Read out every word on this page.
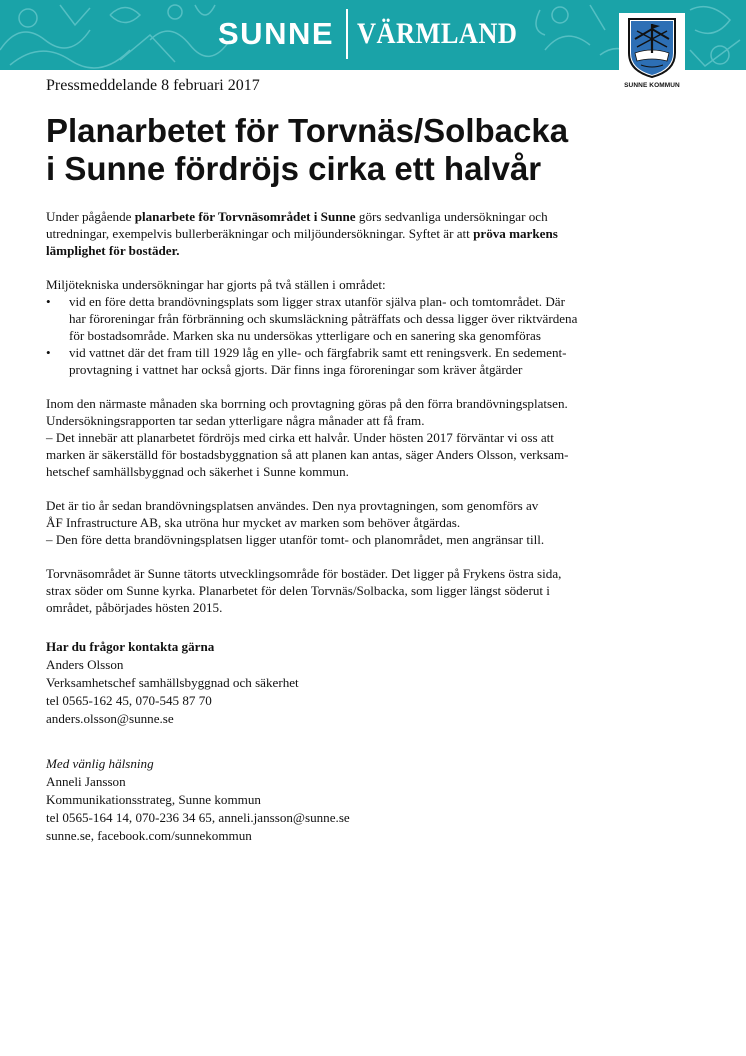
SUNNE VÄRMLAND
SUNNE KOMMUN
Pressmeddelande 8 februari 2017
Planarbetet för Torvnäs/Solbacka
i Sunne fördröjs cirka ett halvår

Under pågående planarbete för Torvnäsområdet i Sunne görs sedvanliga undersökningar och
utredningar, exempelvis bullerberäkningar och miljöundersökningar. Syftet är att pröva markens
lämplighet för bostäder.

Miljötekniska undersökningar har gjorts på två ställen i området:

• vid en före detta brandövningsplats som ligger strax utanför själva plan- och tomtområdet. Där
har föroreningar från förbränning och skumsläckning påträffats och dessa ligger över riktvärdena
för bostadsområde. Marken ska nu undersökas ytterligare och en sanering ska genomföras
• vid vattnet där det fram till 1929 låg en ylle- och färgfabrik samt ett reningsverk. En sedement-
provtagning i vattnet har också gjorts. Där finns inga föroreningar som kräver åtgärder

Inom den närmaste månaden ska borrning och provtagning göras på den förra brandövningsplatsen.
Undersökningsrapporten tar sedan ytterligare några månader att få fram.
– Det innebär att planarbetet fördröjs med cirka ett halvår. Under hösten 2017 förväntar vi oss att
marken är säkerställd för bostadsbyggnation så att planen kan antas, säger Anders Olsson, verksam-
hetschef samhällsbyggnad och säkerhet i Sunne kommun.

Det är tio år sedan brandövningsplatsen användes. Den nya provtagningen, som genomförs av
ÅF Infrastructure AB, ska utröna hur mycket av marken som behöver åtgärdas.
– Den före detta brandövningsplatsen ligger utanför tomt- och planområdet, men angränsar till.

Torvnäsområdet är Sunne tätorts utvecklingsområde för bostäder. Det ligger på Frykens östra sida,
strax söder om Sunne kyrka. Planarbetet för delen Torvnäs/Solbacka, som ligger längst söderut i
området, påbörjades hösten 2015.

Har du frågor kontakta gärna
Anders Olsson
Verksamhetschef samhällsbyggnad och säkerhet
tel 0565-162 45, 070-545 87 70
anders.olsson@sunne.se
Med vänlig hälsning
Anneli Jansson
Kommunikationsstrateg, Sunne kommun
tel 0565-164 14, 070-236 34 65, anneli.jansson@sunne.se
sunne.se, facebook.com/sunnekommun
